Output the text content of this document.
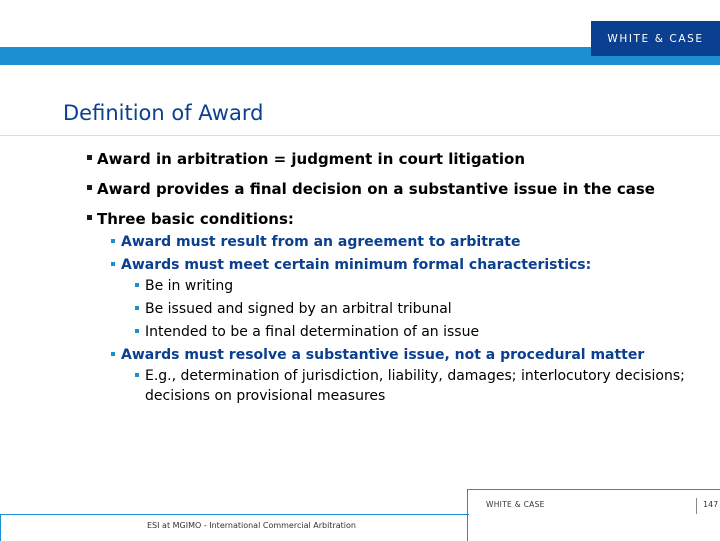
WHITE & CASE
Definition of Award
Award in arbitration = judgment in court litigation
Award provides a final decision on a substantive issue in the case
Three basic conditions:
Award must result from an agreement to arbitrate
Awards must meet certain minimum formal characteristics:
Be in writing
Be issued and signed by an arbitral tribunal
Intended to be a final determination of an issue
Awards must resolve a substantive issue, not a procedural matter
E.g., determination of jurisdiction, liability, damages; interlocutory decisions; decisions on provisional measures
ESI at MGIMO - International Commercial Arbitration
WHITE & CASE	147
